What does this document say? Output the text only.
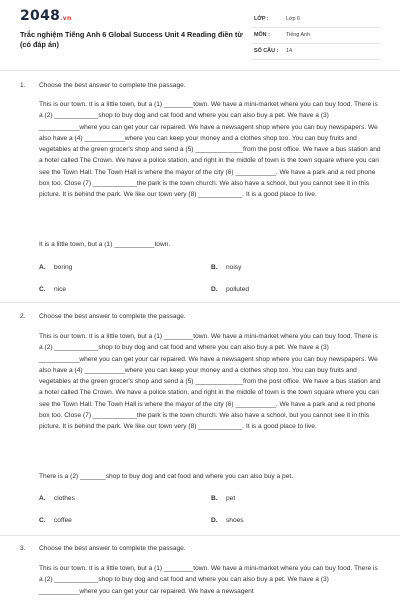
2048.vn
Trắc nghiệm Tiếng Anh 6 Global Success Unit 4 Reading điền từ (có đáp án)
LỚP :	Lớp 6
MÔN :	Tiếng Anh
SỐ CÂU : 14
1. Choose the best answer to complete the passage.
This is our town. It is a little town, but a (1) ________town. We have a mini-market where you can buy food. There is a (2) ____________shop to buy dog and cat food and where you can also buy a pet. We have a (3) ___________where you can get your car repaired. We have a newsagent shop where you can buy newspapers. We also have a (4) ___________where you can keep your money and a clothes shop too. You can buy fruits and vegetables at the green grocer's shop and send a (5) _____________from the post office. We have a bus station and a hotel called The Crown. We have a police station, and right in the middle of town is the town square where you can see the Town Hall. The Town Hall is where the mayor of the city (6) ___________. We have a park and a red phone box too. Close (7) ____________the park is the town church. We also have a school, but you cannot see it in this picture. It is behind the park. We like our town very (8) ____________. It is a good place to live.
It is a little town, but a (1) ___________town.
A. boring	B. noisy
C. nice	D. polluted
2. Choose the best answer to complete the passage.
This is our town. It is a little town, but a (1) ________town. We have a mini-market where you can buy food. There is a (2) ____________shop to buy dog and cat food and where you can also buy a pet. We have a (3) ___________where you can get your car repaired. We have a newsagent shop where you can buy newspapers. We also have a (4) ___________where you can keep your money and a clothes shop too. You can buy fruits and vegetables at the green grocer's shop and send a (5) _____________from the post office. We have a bus station and a hotel called The Crown. We have a police station, and right in the middle of town is the town square where you can see the Town Hall. The Town Hall is where the mayor of the city (6) ___________. We have a park and a red phone box too. Close (7) ____________the park is the town church. We also have a school, but you cannot see it in this picture. It is behind the park. We like our town very (8) ____________. It is a good place to live.
There is a (2) _______shop to buy dog and cat food and where you can also buy a pet.
A. clothes	B. pet
C. coffee	D. shoes
3. Choose the best answer to complete the passage.
This is our town. It is a little town, but a (1) ________town. We have a mini-market where you can buy food. There is a (2) ____________shop to buy dog and cat food and where you can also buy a pet. We have a (3) ___________where you can get your car repaired. We have a newsagent
